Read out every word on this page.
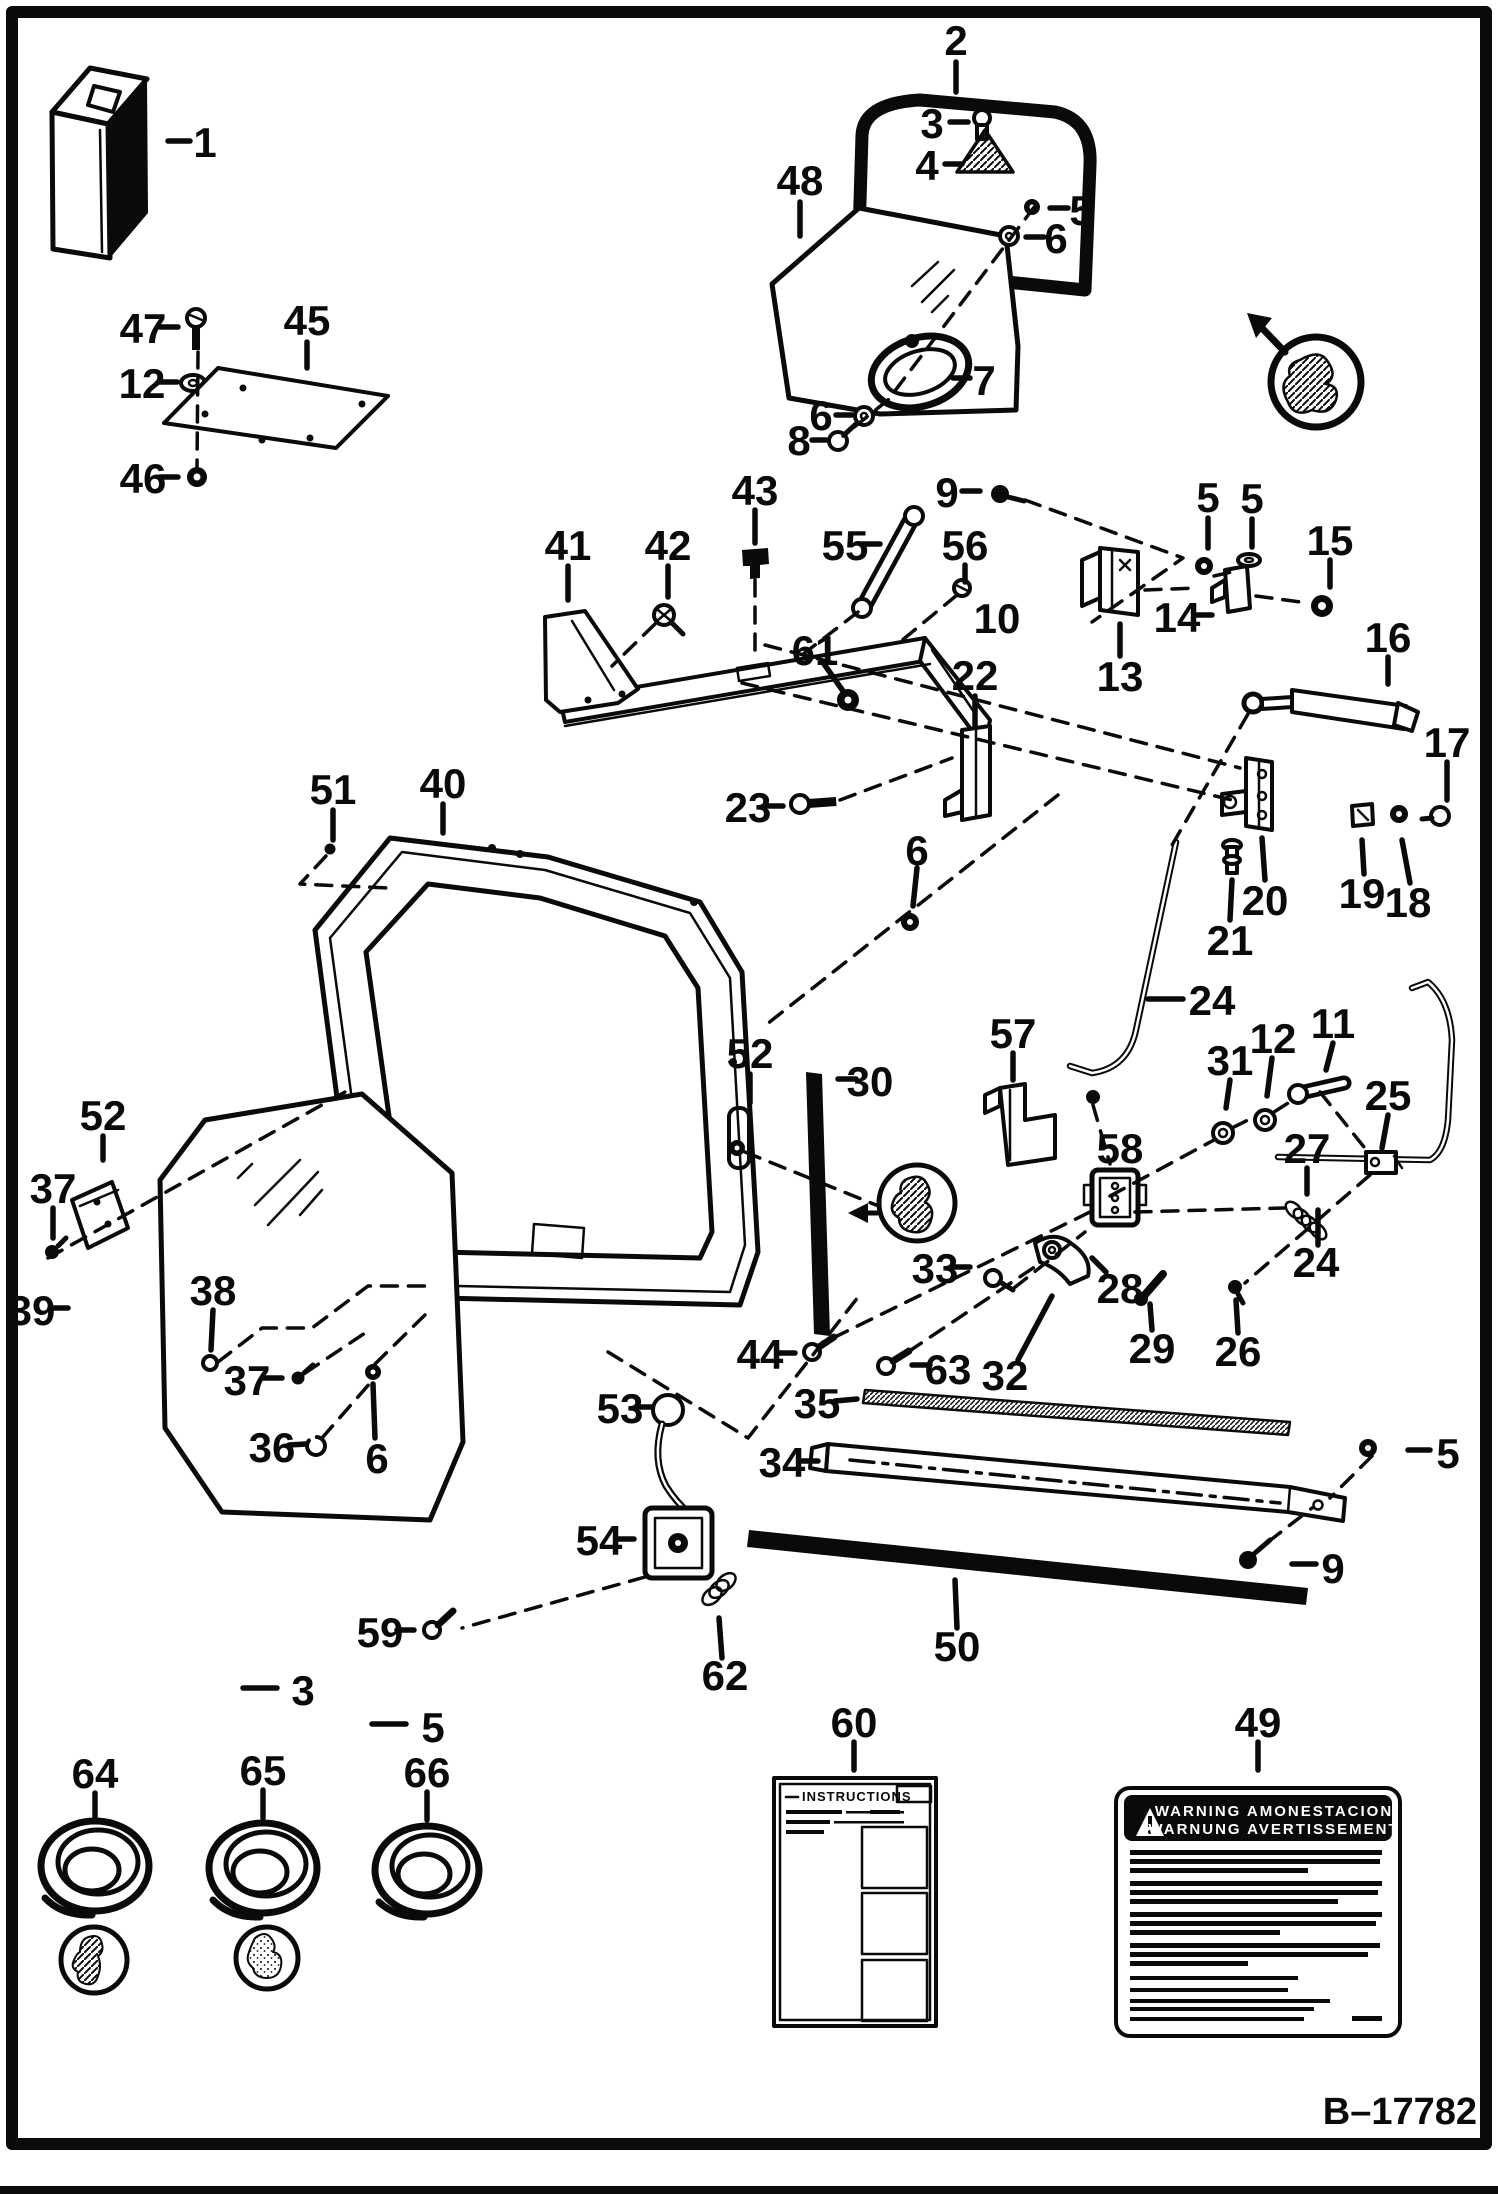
INSTRUCTIONS
WARNING AMONESTACION
WARNUNG AVERTISSEMENT
1
2
3
4
48
5
6
7
6
8
45
47
12
46	9	5 5
15
43
41 42	55 56
14
10	16
61
13
22
17
40
51	23
6
19
20 18
21
24
57	11
12
52	31
30	25
52
58	27
37
28
33	24
38
39
29 26
63
44	32
37	35
53
36 6	34	5
54
9
59	50
3	62
5	60	49
64	65	66
B–17782
